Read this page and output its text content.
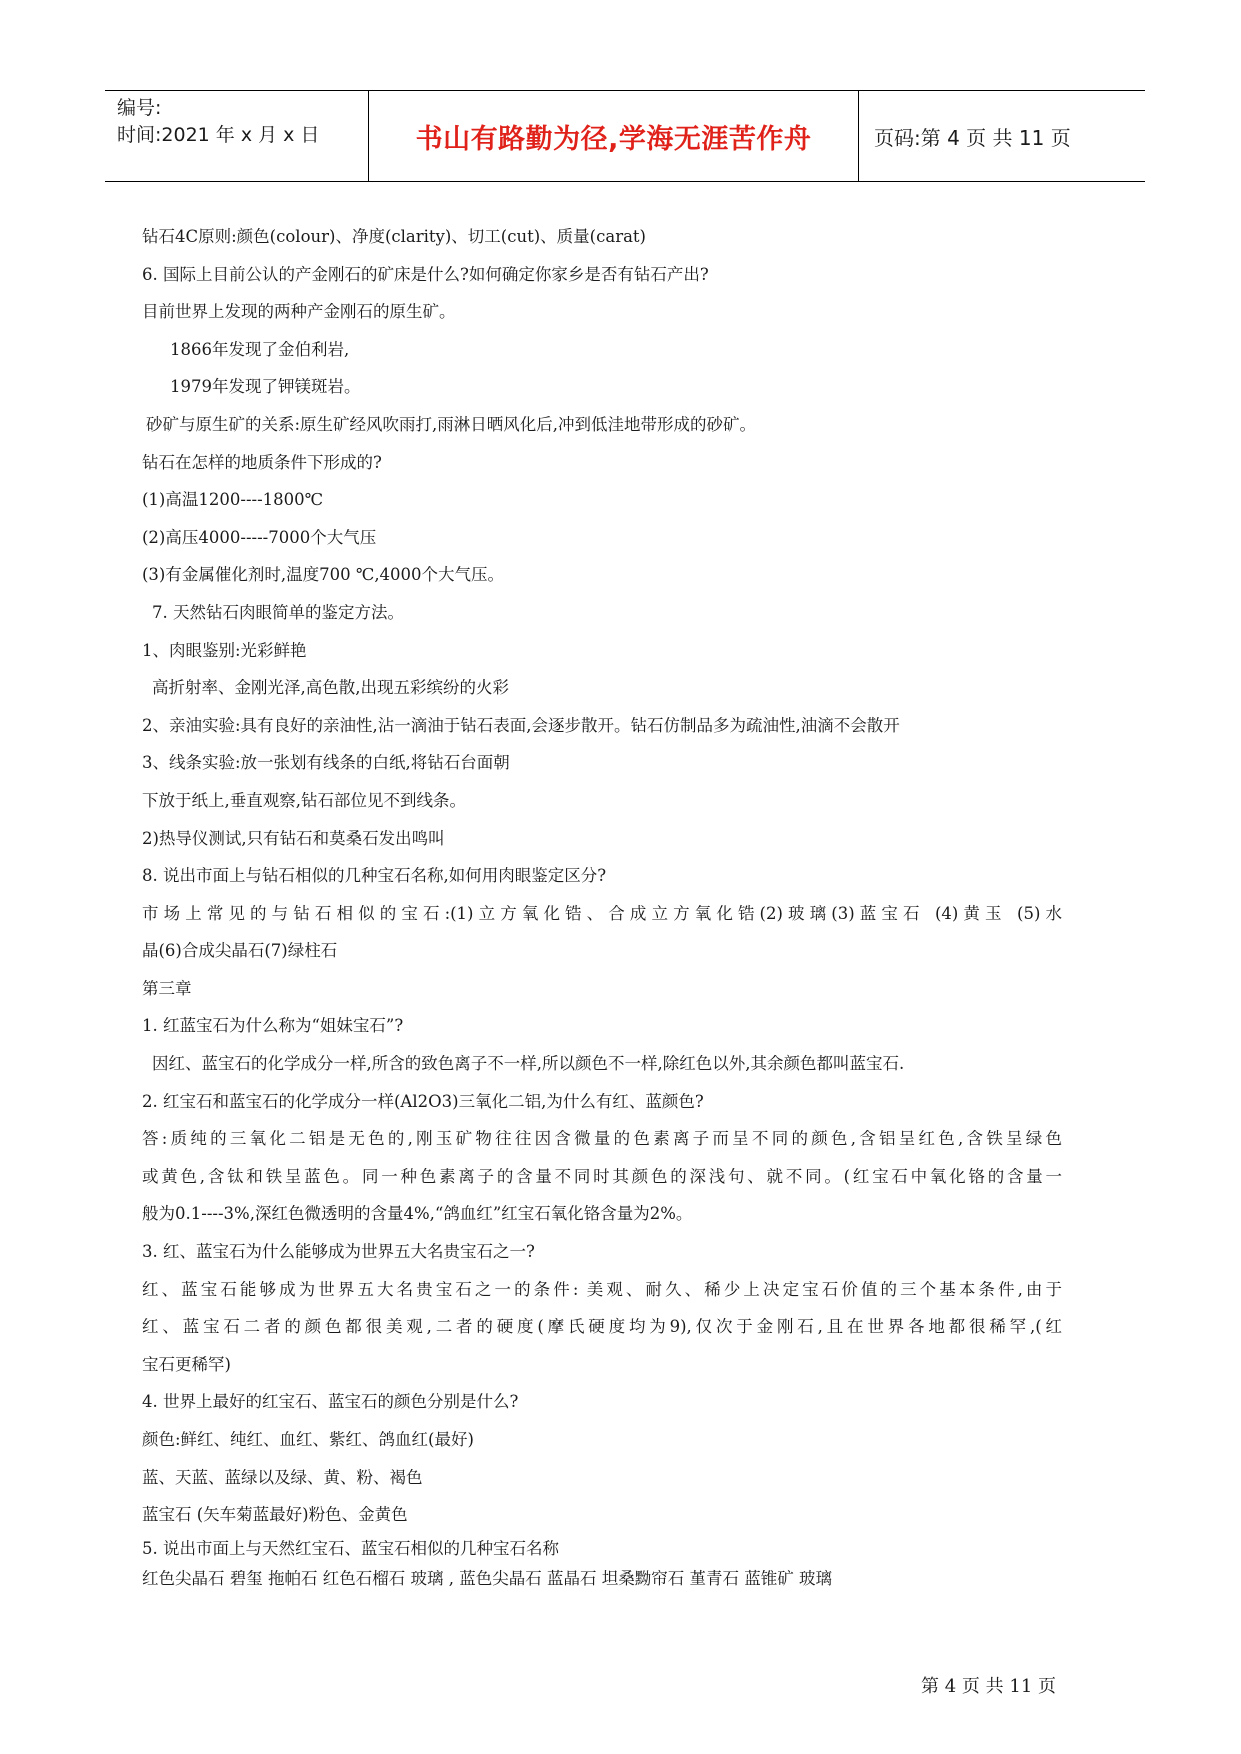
编号:
时间:2021 年 x 月 x 日	书山有路勤为径,学海无涯苦作舟	页码:第 4 页 共 11 页
钻石4C原则:颜色(colour)、净度(clarity)、切工(cut)、质量(carat)
6. 国际上目前公认的产金刚石的矿床是什么?如何确定你家乡是否有钻石产出?
目前世界上发现的两种产金刚石的原生矿。
1866年发现了金伯利岩,
1979年发现了钾镁斑岩。
砂矿与原生矿的关系:原生矿经风吹雨打,雨淋日晒风化后,冲到低洼地带形成的砂矿。
钻石在怎样的地质条件下形成的?
(1)高温1200----1800℃
(2)高压4000-----7000个大气压
(3)有金属催化剂时,温度700 ℃,4000个大气压。
7. 天然钻石肉眼简单的鉴定方法。
1、肉眼鉴别:光彩鲜艳
高折射率、金刚光泽,高色散,出现五彩缤纷的火彩
2、亲油实验:具有良好的亲油性,沾一滴油于钻石表面,会逐步散开。钻石仿制品多为疏油性,油滴不会散开
3、线条实验:放一张划有线条的白纸,将钻石台面朝
下放于纸上,垂直观察,钻石部位见不到线条。
2)热导仪测试,只有钻石和莫桑石发出鸣叫
8. 说出市面上与钻石相似的几种宝石名称,如何用肉眼鉴定区分?
市场上常见的与钻石相似的宝石:(1)立方氧化锆、合成立方氧化锆(2)玻璃(3)蓝宝石 (4)黄玉 (5)水
晶(6)合成尖晶石(7)绿柱石
第三章
1. 红蓝宝石为什么称为“姐妹宝石”?
因红、蓝宝石的化学成分一样,所含的致色离子不一样,所以颜色不一样,除红色以外,其余颜色都叫蓝宝石.
2. 红宝石和蓝宝石的化学成分一样(Al2O3)三氧化二铝,为什么有红、蓝颜色?
答:质纯的三氧化二铝是无色的,刚玉矿物往往因含微量的色素离子而呈不同的颜色,含铝呈红色,含铁呈绿色
或黄色,含钛和铁呈蓝色。同一种色素离子的含量不同时其颜色的深浅句、就不同。(红宝石中氧化铬的含量一
般为0.1----3%,深红色微透明的含量4%,“鸽血红”红宝石氧化铬含量为2%。
3. 红、蓝宝石为什么能够成为世界五大名贵宝石之一?
红、蓝宝石能够成为世界五大名贵宝石之一的条件: 美观、耐久、稀少上决定宝石价值的三个基本条件,由于
红、蓝宝石二者的颜色都很美观,二者的硬度(摩氏硬度均为9),仅次于金刚石,且在世界各地都很稀罕,(红
宝石更稀罕)
4. 世界上最好的红宝石、蓝宝石的颜色分别是什么?
颜色:鲜红、纯红、血红、紫红、鸽血红(最好)
蓝、天蓝、蓝绿以及绿、黄、粉、褐色
蓝宝石 (矢车菊蓝最好)粉色、金黄色
5. 说出市面上与天然红宝石、蓝宝石相似的几种宝石名称
红色尖晶石 碧玺 拖帕石 红色石榴石 玻璃 , 蓝色尖晶石 蓝晶石 坦桑黝帘石 堇青石 蓝锥矿 玻璃
第 4 页 共 11 页
